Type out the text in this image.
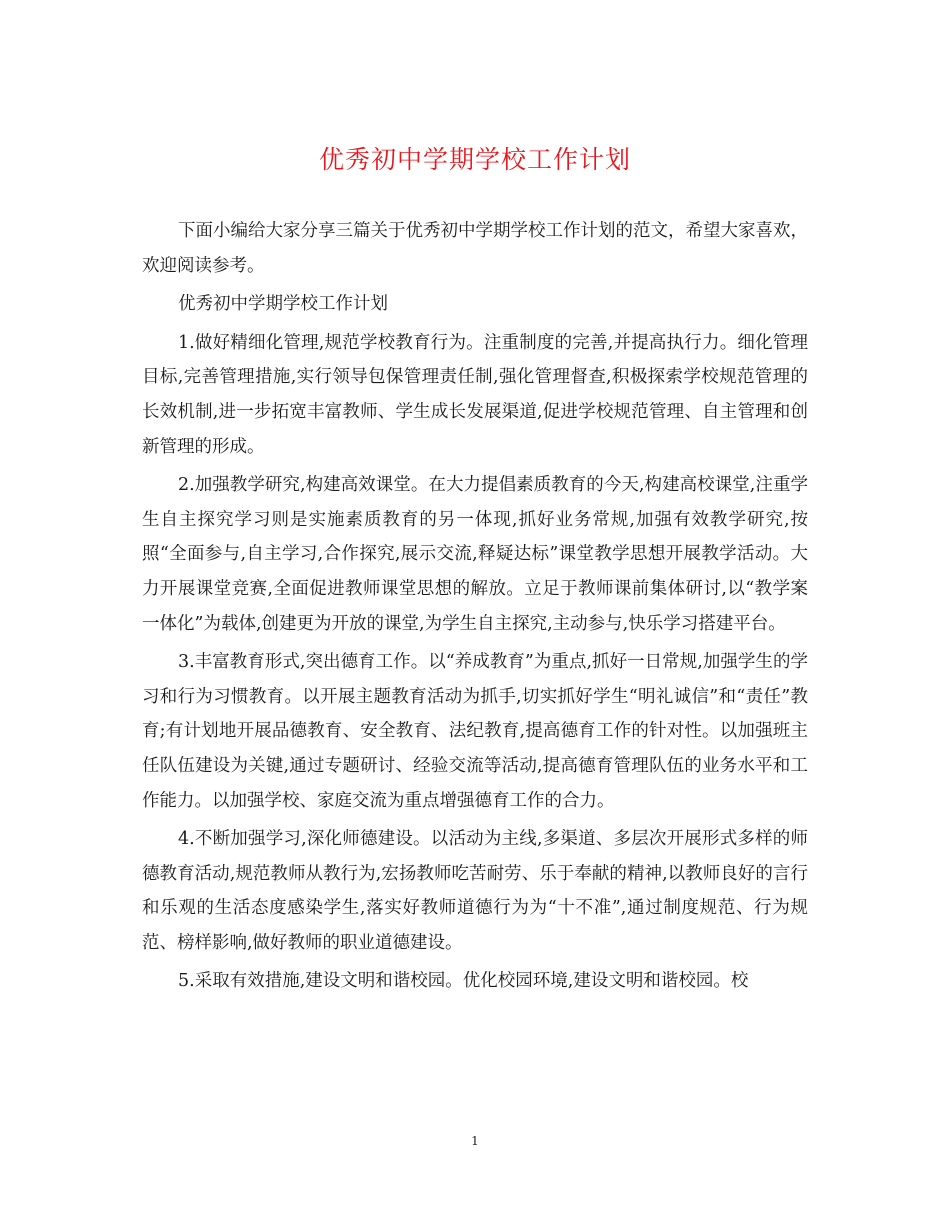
优秀初中学期学校工作计划

下面小编给大家分享三篇关于优秀初中学期学校工作计划的范文，希望大家喜欢，欢迎阅读参考。

优秀初中学期学校工作计划

1.做好精细化管理,规范学校教育行为。注重制度的完善,并提高执行力。细化管理目标,完善管理措施,实行领导包保管理责任制,强化管理督查,积极探索学校规范管理的长效机制,进一步拓宽丰富教师、学生成长发展渠道,促进学校规范管理、自主管理和创新管理的形成。

2.加强教学研究,构建高效课堂。在大力提倡素质教育的今天,构建高校课堂,注重学生自主探究学习则是实施素质教育的另一体现,抓好业务常规,加强有效教学研究,按照“全面参与,自主学习,合作探究,展示交流,释疑达标”课堂教学思想开展教学活动。大力开展课堂竞赛,全面促进教师课堂思想的解放。立足于教师课前集体研讨,以“教学案一体化”为载体,创建更为开放的课堂,为学生自主探究,主动参与,快乐学习搭建平台。

3.丰富教育形式,突出德育工作。以“养成教育”为重点,抓好一日常规,加强学生的学习和行为习惯教育。以开展主题教育活动为抓手,切实抓好学生“明礼诚信”和“责任”教育;有计划地开展品德教育、安全教育、法纪教育,提高德育工作的针对性。以加强班主任队伍建设为关键,通过专题研讨、经验交流等活动,提高德育管理队伍的业务水平和工作能力。以加强学校、家庭交流为重点增强德育工作的合力。

4.不断加强学习,深化师德建设。以活动为主线,多渠道、多层次开展形式多样的师德教育活动,规范教师从教行为,宏扬教师吃苦耐劳、乐于奉献的精神,以教师良好的言行和乐观的生活态度感染学生,落实好教师道德行为为“十不准”,通过制度规范、行为规范、榜样影响,做好教师的职业道德建设。

5.采取有效措施,建设文明和谐校园。优化校园环境,建设文明和谐校园。校

1
